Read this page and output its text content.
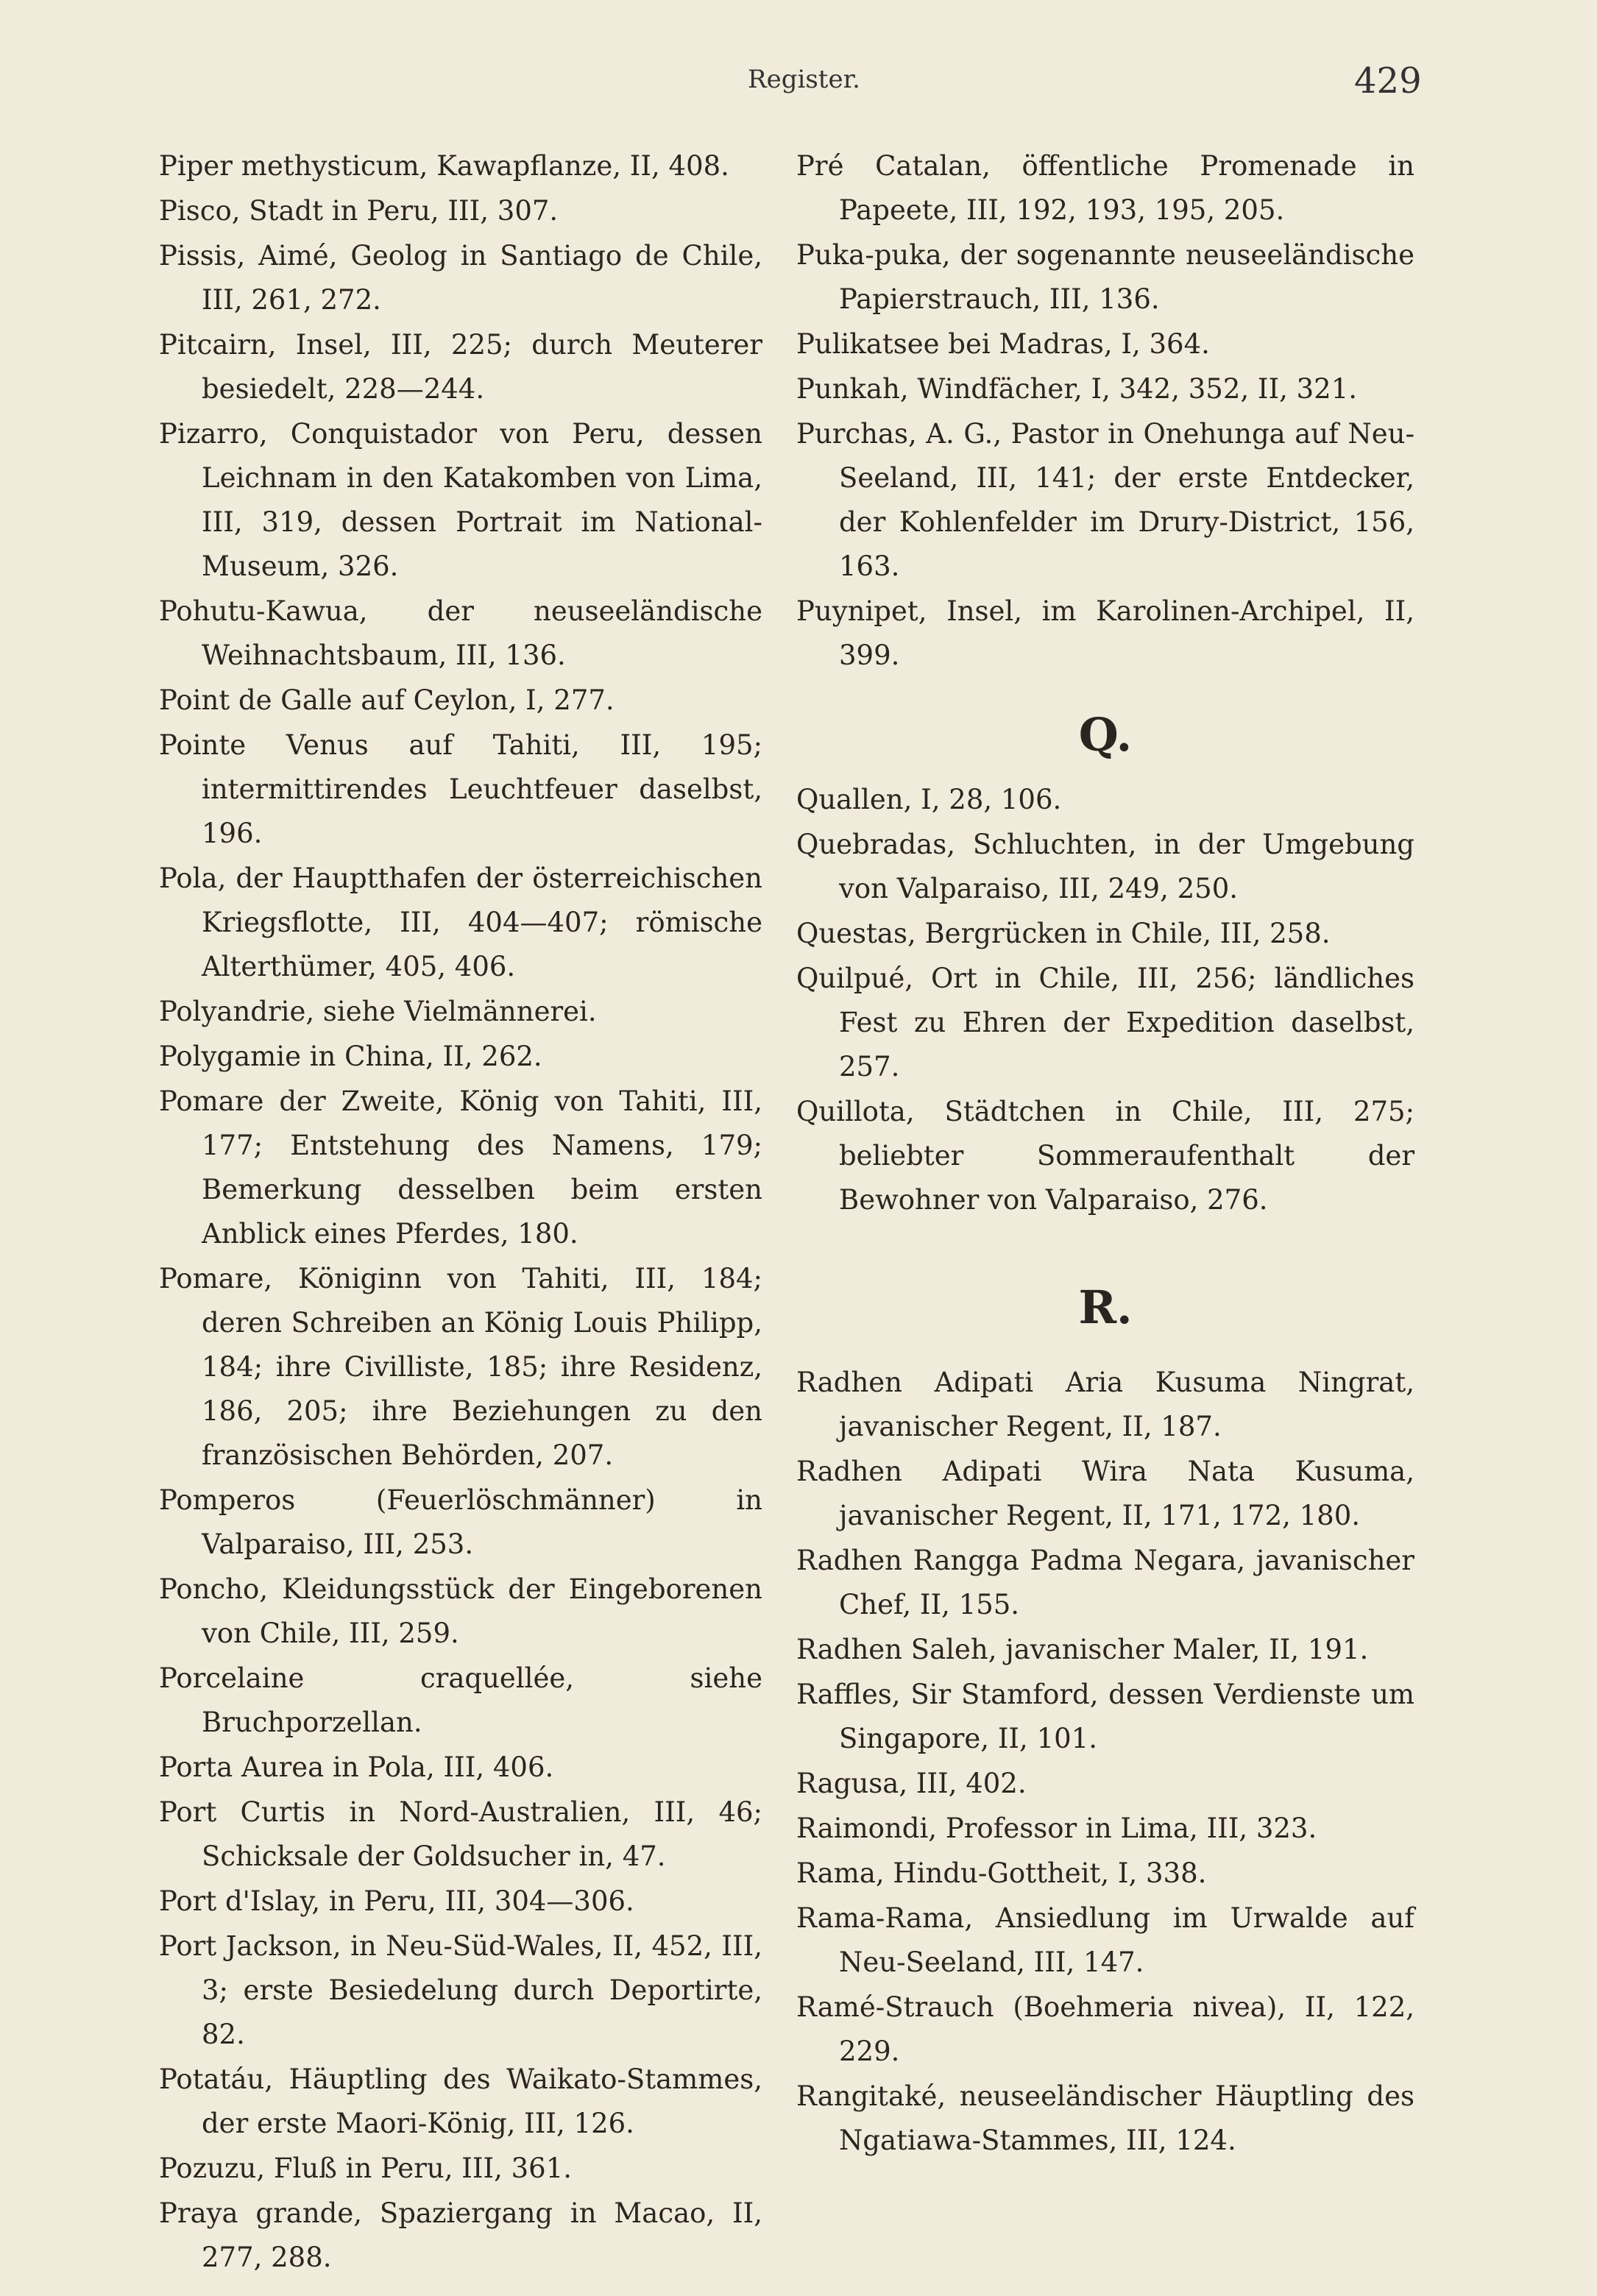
Register.	429

Piper methysticum, Kawapflanze, II, 408.

Pisco, Stadt in Peru, III, 307.

Pissis, Aimé, Geolog in Santiago de Chile, III, 261, 272.

Pitcairn, Insel, III, 225; durch Meuterer besiedelt, 228—244.

Pizarro, Conquistador von Peru, dessen Leichnam in den Katakomben von Lima, III, 319, dessen Portrait im National-Museum, 326.

Pohutu-Kawua, der neuseeländische Weihnachtsbaum, III, 136.

Point de Galle auf Ceylon, I, 277.

Pointe Venus auf Tahiti, III, 195; intermittirendes Leuchtfeuer daselbst, 196.

Pola, der Hauptthafen der österreichischen Kriegsflotte, III, 404—407; römische Alterthümer, 405, 406.

Polyandrie, siehe Vielmännerei.

Polygamie in China, II, 262.

Pomare der Zweite, König von Tahiti, III, 177; Entstehung des Namens, 179; Bemerkung desselben beim ersten Anblick eines Pferdes, 180.

Pomare, Königinn von Tahiti, III, 184; deren Schreiben an König Louis Philipp, 184; ihre Civilliste, 185; ihre Residenz, 186, 205; ihre Beziehungen zu den französischen Behörden, 207.

Pomperos (Feuerlöschmänner) in Valparaiso, III, 253.

Poncho, Kleidungsstück der Eingeborenen von Chile, III, 259.

Porcelaine craquellée, siehe Bruchporzellan.

Porta Aurea in Pola, III, 406.

Port Curtis in Nord-Australien, III, 46; Schicksale der Goldsucher in, 47.

Port d'Islay, in Peru, III, 304—306.

Port Jackson, in Neu-Süd-Wales, II, 452, III, 3; erste Besiedelung durch Deportirte, 82.

Potatáu, Häuptling des Waikato-Stammes, der erste Maori-König, III, 126.

Pozuzu, Fluß in Peru, III, 361.

Praya grande, Spaziergang in Macao, II, 277, 288.

Pré Catalan, öffentliche Promenade in Papeete, III, 192, 193, 195, 205.

Puka-puka, der sogenannte neuseeländische Papierstrauch, III, 136.

Pulikatsee bei Madras, I, 364.

Punkah, Windfächer, I, 342, 352, II, 321.

Purchas, A. G., Pastor in Onehunga auf Neu-Seeland, III, 141; der erste Entdecker, der Kohlenfelder im Drury-District, 156, 163.

Puynipet, Insel, im Karolinen-Archipel, II, 399.

Q.

Quallen, I, 28, 106.

Quebradas, Schluchten, in der Umgebung von Valparaiso, III, 249, 250.

Questas, Bergrücken in Chile, III, 258.

Quilpué, Ort in Chile, III, 256; ländliches Fest zu Ehren der Expedition daselbst, 257.

Quillota, Städtchen in Chile, III, 275; beliebter Sommeraufenthalt der Bewohner von Valparaiso, 276.

R.

Radhen Adipati Aria Kusuma Ningrat, javanischer Regent, II, 187.

Radhen Adipati Wira Nata Kusuma, javanischer Regent, II, 171, 172, 180.

Radhen Rangga Padma Negara, javanischer Chef, II, 155.

Radhen Saleh, javanischer Maler, II, 191.

Raffles, Sir Stamford, dessen Verdienste um Singapore, II, 101.

Ragusa, III, 402.

Raimondi, Professor in Lima, III, 323.

Rama, Hindu-Gottheit, I, 338.

Rama-Rama, Ansiedlung im Urwalde auf Neu-Seeland, III, 147.

Ramé-Strauch (Boehmeria nivea), II, 122, 229.

Rangitaké, neuseeländischer Häuptling des Ngatiawa-Stammes, III, 124.
